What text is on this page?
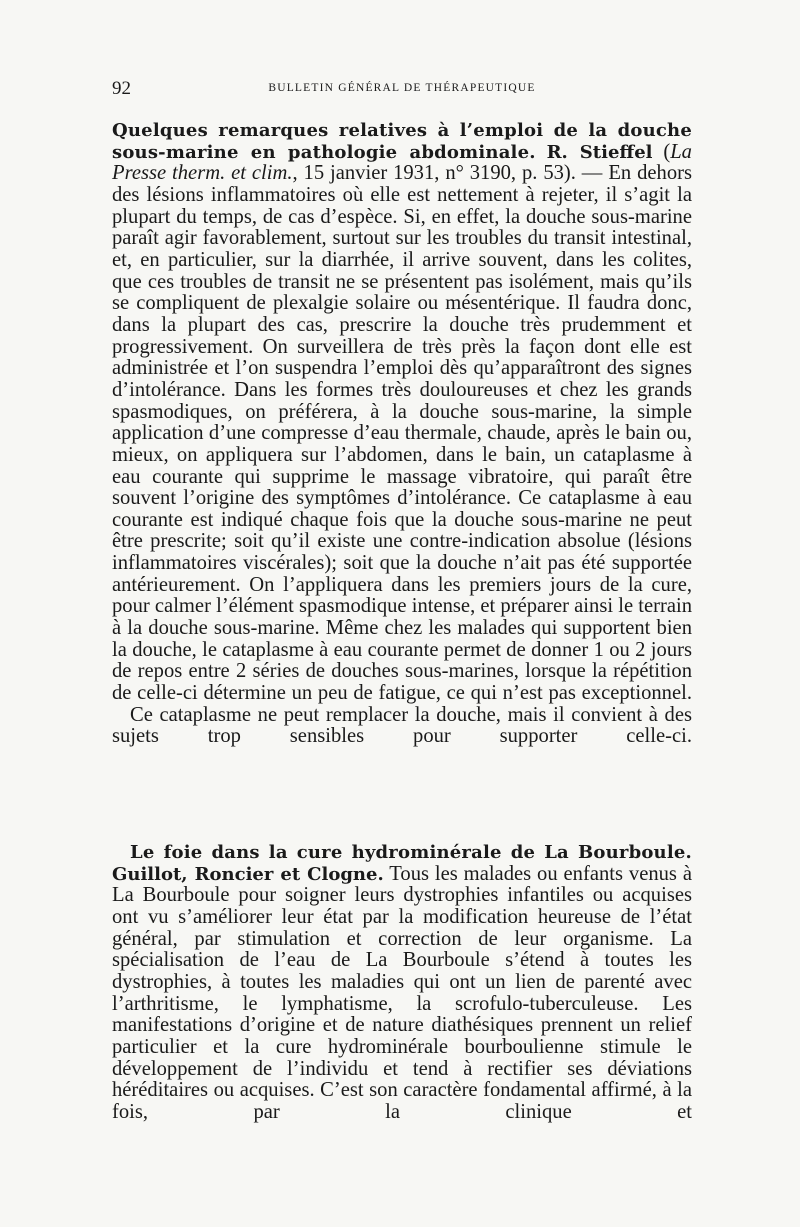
92	BULLETIN GÉNÉRAL DE THÉRAPEUTIQUE

Quelques remarques relatives à l’emploi de la douche sous-marine en pathologie abdominale. R. Stieffel (La Presse therm. et clim., 15 janvier 1931, n° 3190, p. 53). — En dehors des lésions inflammatoires où elle est nettement à rejeter, il s’agit la plupart du temps, de cas d’espèce. Si, en effet, la douche sous-marine paraît agir favorablement, surtout sur les troubles du transit intestinal, et, en particulier, sur la diarrhée, il arrive souvent, dans les colites, que ces troubles de transit ne se présentent pas isolément, mais qu’ils se compliquent de plexalgie solaire ou mésentérique. Il faudra donc, dans la plupart des cas, prescrire la douche très prudemment et progressivement. On surveillera de très près la façon dont elle est administrée et l’on suspendra l’emploi dès qu’apparaîtront des signes d’intolérance. Dans les formes très douloureuses et chez les grands spasmodiques, on préférera, à la douche sous-marine, la simple application d’une compresse d’eau thermale, chaude, après le bain ou, mieux, on appliquera sur l’abdomen, dans le bain, un cataplasme à eau courante qui supprime le massage vibratoire, qui paraît être souvent l’origine des symptômes d’intolérance. Ce cataplasme à eau courante est indiqué chaque fois que la douche sous-marine ne peut être prescrite; soit qu’il existe une contre-indication absolue (lésions inflammatoires viscérales); soit que la douche n’ait pas été supportée antérieurement. On l’appliquera dans les premiers jours de la cure, pour calmer l’élément spasmodique intense, et préparer ainsi le terrain à la douche sous-marine. Même chez les malades qui supportent bien la douche, le cataplasme à eau courante permet de donner 1 ou 2 jours de repos entre 2 séries de douches sous-marines, lorsque la répétition de celle-ci détermine un peu de fatigue, ce qui n’est pas exceptionnel.
Ce cataplasme ne peut remplacer la douche, mais il convient à des sujets trop sensibles pour supporter celle-ci.

Le foie dans la cure hydrominérale de La Bourboule. Guillot, Roncier et Clogne. Tous les malades ou enfants venus à La Bourboule pour soigner leurs dystrophies infantiles ou acquises ont vu s’améliorer leur état par la modification heureuse de l’état général, par stimulation et correction de leur organisme. La spécialisation de l’eau de La Bourboule s’étend à toutes les dystrophies, à toutes les maladies qui ont un lien de parenté avec l’arthritisme, le lymphatisme, la scrofulo-tuberculeuse. Les manifestations d’origine et de nature diathésiques prennent un relief particulier et la cure hydrominérale bourboulienne stimule le développement de l’individu et tend à rectifier ses déviations héréditaires ou acquises. C’est son caractère fondamental affirmé, à la fois, par la clinique et
